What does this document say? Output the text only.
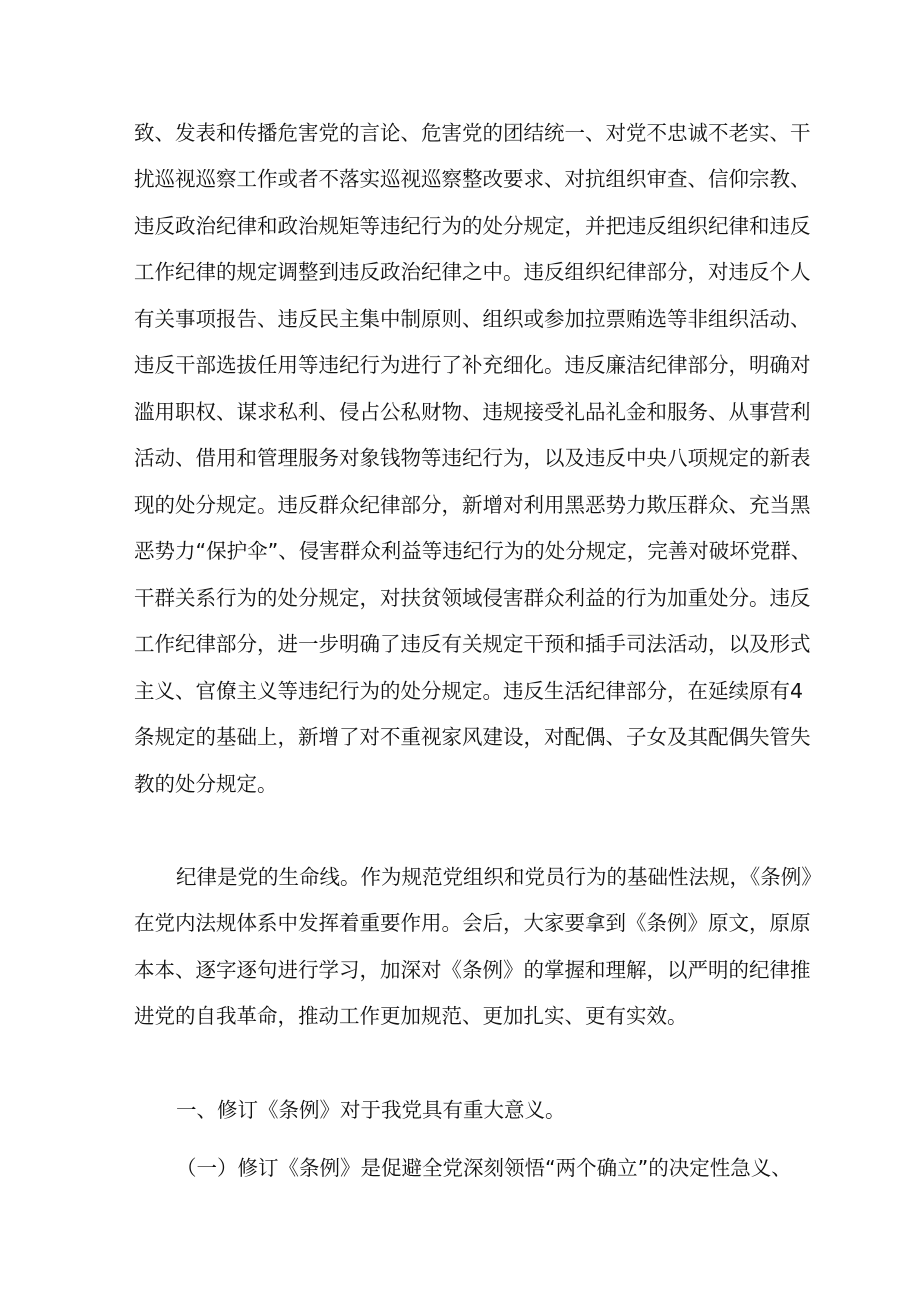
致、发表和传播危害党的言论、危害党的团结统一、对党不忠诚不老实、干
扰巡视巡察工作或者不落实巡视巡察整改要求、对抗组织审查、信仰宗教、
违反政治纪律和政治规矩等违纪行为的处分规定，并把违反组织纪律和违反
工作纪律的规定调整到违反政治纪律之中。违反组织纪律部分，对违反个人
有关事项报告、违反民主集中制原则、组织或参加拉票贿选等非组织活动、
违反干部选拔任用等违纪行为进行了补充细化。违反廉洁纪律部分，明确对
滥用职权、谋求私利、侵占公私财物、违规接受礼品礼金和服务、从事营利
活动、借用和管理服务对象钱物等违纪行为，以及违反中央八项规定的新表
现的处分规定。违反群众纪律部分，新增对利用黑恶势力欺压群众、充当黑
恶势力“保护伞”、侵害群众利益等违纪行为的处分规定，完善对破坏党群、
干群关系行为的处分规定，对扶贫领域侵害群众利益的行为加重处分。违反
工作纪律部分，进一步明确了违反有关规定干预和插手司法活动，以及形式
主义、官僚主义等违纪行为的处分规定。违反生活纪律部分，在延续原有4
条规定的基础上，新增了对不重视家风建设，对配偶、子女及其配偶失管失
教的处分规定。
纪律是党的生命线。作为规范党组织和党员行为的基础性法规，《条例》
在党内法规体系中发挥着重要作用。会后，大家要拿到《条例》原文，原原
本本、逐字逐句进行学习，加深对《条例》的掌握和理解，以严明的纪律推
进党的自我革命，推动工作更加规范、更加扎实、更有实效。
一、修订《条例》对于我党具有重大意义。
（一）修订《条例》是促避全党深刻领悟“两个确立”的决定性急义、
